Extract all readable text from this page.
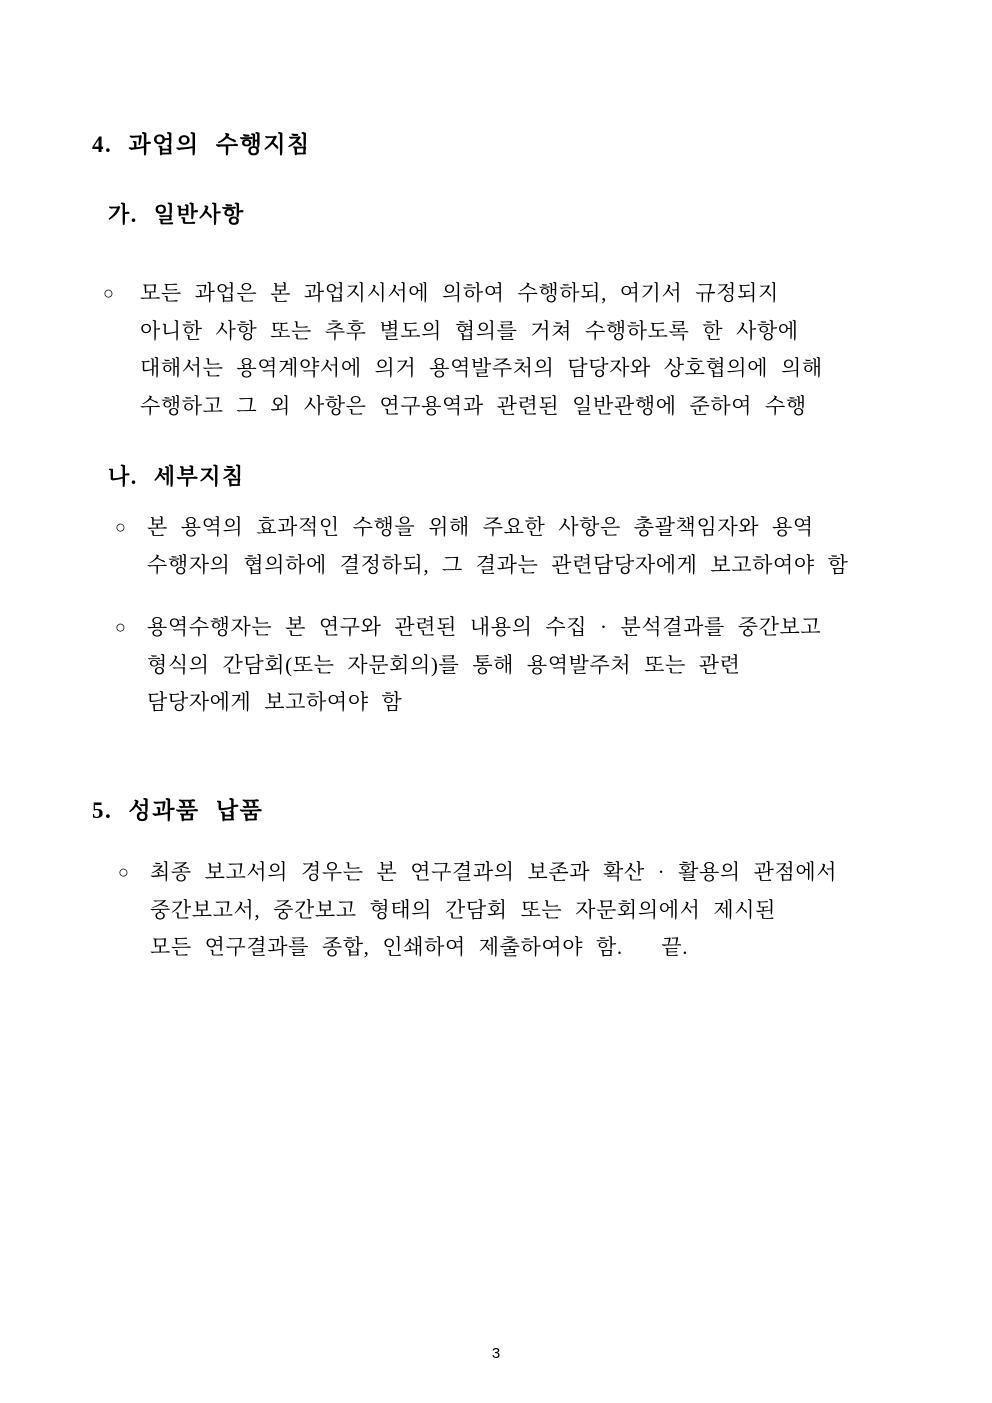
4. 과업의 수행지침
가. 일반사항
○	모든 과업은 본 과업지시서에 의하여 수행하되, 여기서 규정되지
아니한 사항 또는 추후 별도의 협의를 거쳐 수행하도록 한 사항에
대해서는 용역계약서에 의거 용역발주처의 담당자와 상호협의에 의해
수행하고 그 외 사항은 연구용역과 관련된 일반관행에 준하여 수행
나. 세부지침
○	본 용역의 효과적인 수행을 위해 주요한 사항은 총괄책임자와 용역
수행자의 협의하에 결정하되, 그 결과는 관련담당자에게 보고하여야 함
○	용역수행자는 본 연구와 관련된 내용의 수집 · 분석결과를 중간보고
형식의 간담회(또는 자문회의)를 통해 용역발주처 또는 관련
담당자에게 보고하여야 함
5. 성과품 납품
○	최종 보고서의 경우는 본 연구결과의 보존과 확산 · 활용의 관점에서
중간보고서, 중간보고 형태의 간담회 또는 자문회의에서 제시된
모든 연구결과를 종합, 인쇄하여 제출하여야 함.   끝.
3
